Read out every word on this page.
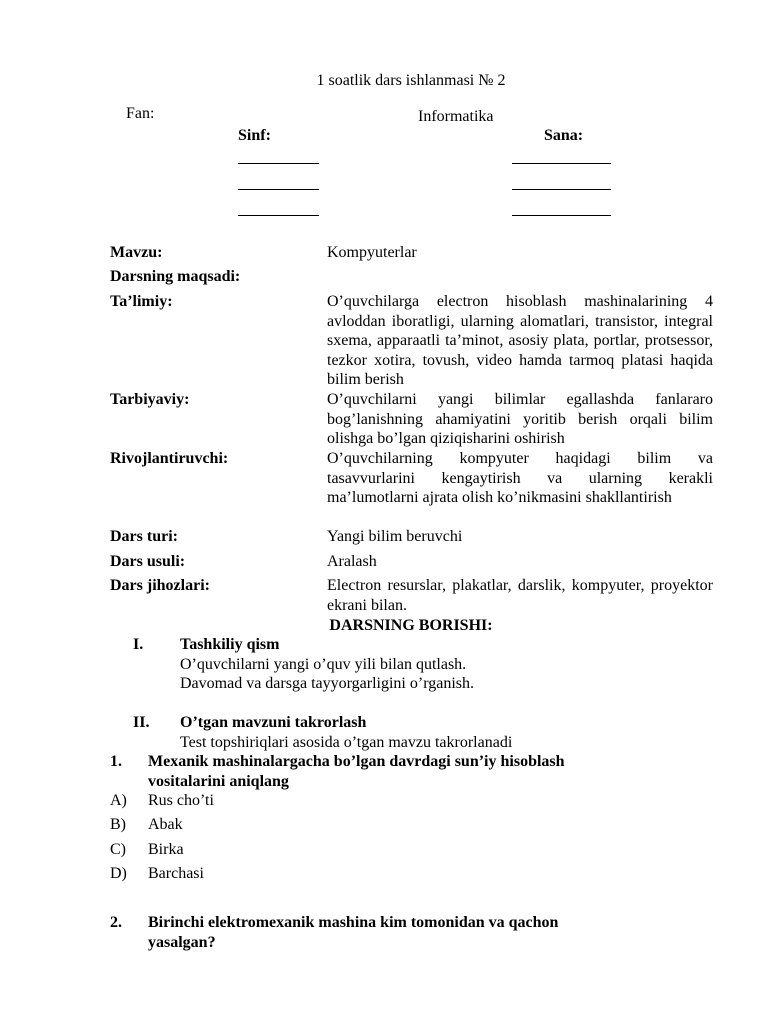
1 soatlik dars ishlanmasi № 2
Fan:	Informatika
Sinf:	Sana:
Mavzu:	Kompyuterlar
Darsning maqsadi:
Ta’limiy:	O’quvchilarga electron hisoblash mashinalarining 4 avloddan iboratligi, ularning alomatlari, transistor, integral sxema, apparaatli ta’minot, asosiy plata, portlar, protsessor, tezkor xotira, tovush, video hamda tarmoq platasi haqida bilim berish
Tarbiyaviy:	O’quvchilarni yangi bilimlar egallashda fanlararo bog’lanishning ahamiyatini yoritib berish orqali bilim olishga bo’lgan qiziqisharini oshirish
Rivojlantiruvchi:	O’quvchilarning kompyuter haqidagi bilim va tasavvurlarini kengaytirish va ularning kerakli ma’lumotlarni ajrata olish ko’nikmasini shakllantirish
Dars turi:	Yangi bilim beruvchi
Dars usuli:	Aralash
Dars jihozlari:	Electron resurslar, plakatlar, darslik, kompyuter, proyektor ekrani bilan.
DARSNING BORISHI:
I. Tashkiliy qism
O’quvchilarni yangi o’quv yili bilan qutlash.
Davomad va darsga tayyorgarligini o’rganish.
II. O’tgan mavzuni takrorlash
Test topshiriqlari asosida o’tgan mavzu takrorlanadi
1. Mexanik mashinalargacha bo’lgan davrdagi sun’iy hisoblash
vositalarini aniqlang
A) Rus cho’ti
B) Abak
C) Birka
D) Barchasi
2. Birinchi elektromexanik mashina kim tomonidan va qachon
yasalgan?
